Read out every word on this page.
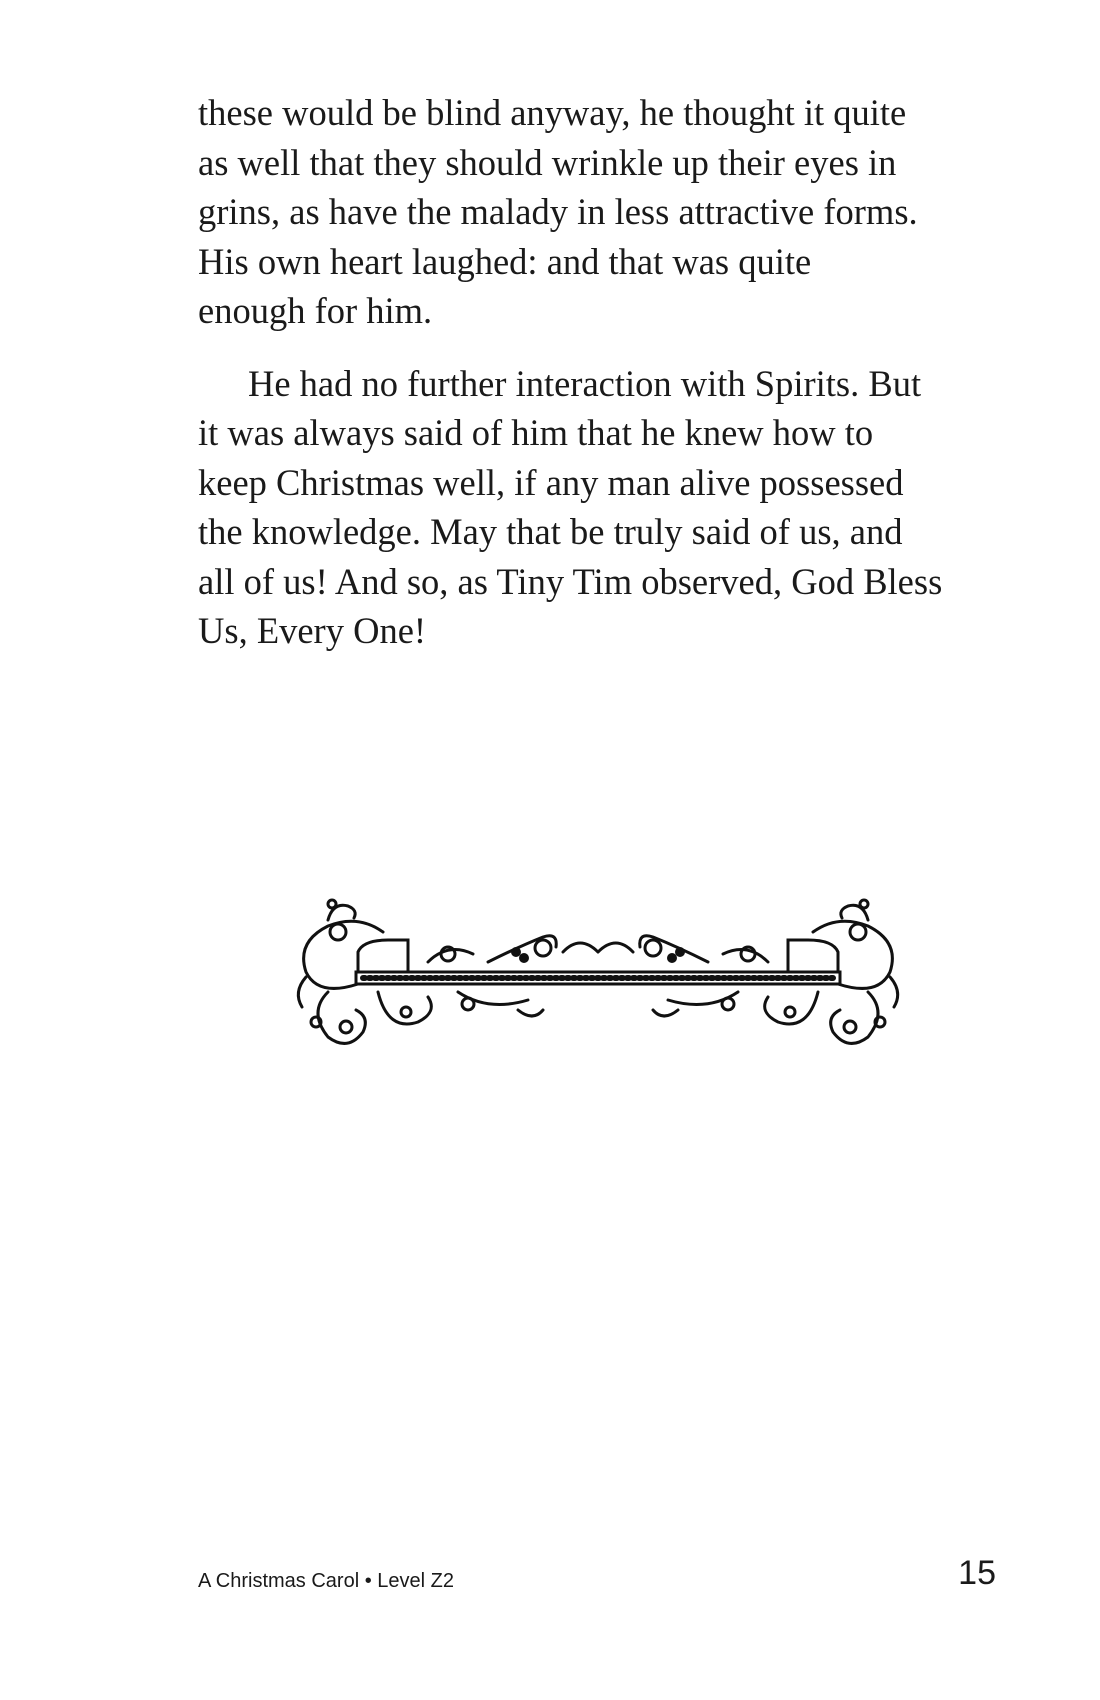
these would be blind anyway, he thought it quite
as well that they should wrinkle up their eyes in
grins, as have the malady in less attractive forms.
His own heart laughed: and that was quite
enough for him.

He had no further interaction with Spirits. But
it was always said of him that he knew how to
keep Christmas well, if any man alive possessed
the knowledge. May that be truly said of us, and
all of us! And so, as Tiny Tim observed, God Bless
Us, Every One!

A Christmas Carol • Level Z2	15
